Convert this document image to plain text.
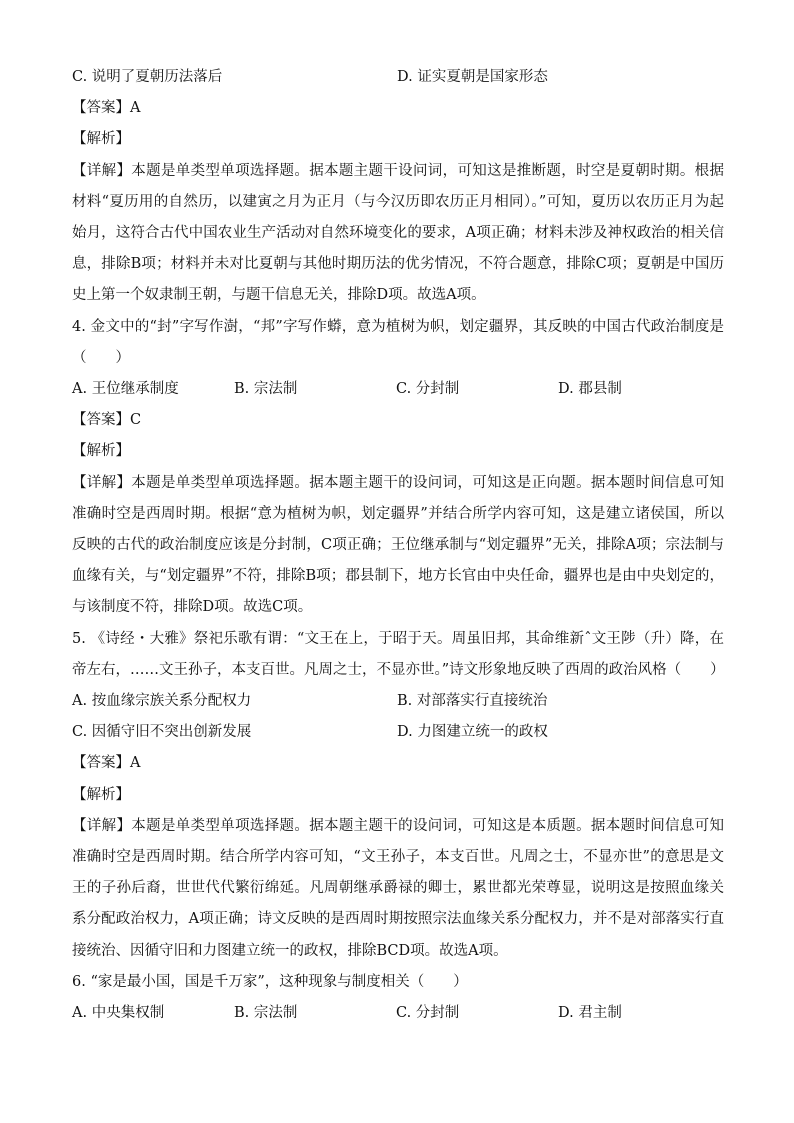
C. 说明了夏朝历法落后	D. 证实夏朝是国家形态
【答案】A
【解析】
【详解】本题是单类型单项选择题。据本题主题干设问词，可知这是推断题，时空是夏朝时期。根据材料“夏历用的自然历，以建寅之月为正月（与今汉历即农历正月相同）。”可知，夏历以农历正月为起始月，这符合古代中国农业生产活动对自然环境变化的要求，A项正确；材料未涉及神权政治的相关信息，排除B项；材料并未对比夏朝与其他时期历法的优劣情况，不符合题意，排除C项；夏朝是中国历史上第一个奴隶制王朝，与题干信息无关，排除D项。故选A项。
4. 金文中的“封”字写作澍，“邦”字写作蟒，意为植树为帜，划定疆界，其反映的中国古代政治制度是（　　）
A. 王位继承制度	B. 宗法制	C. 分封制	D. 郡县制
【答案】C
【解析】
【详解】本题是单类型单项选择题。据本题主题干的设问词，可知这是正向题。据本题时间信息可知准确时空是西周时期。根据“意为植树为帜，划定疆界”并结合所学内容可知，这是建立诸侯国，所以反映的古代的政治制度应该是分封制，C项正确；王位继承制与“划定疆界”无关，排除A项；宗法制与血缘有关，与“划定疆界”不符，排除B项；郡县制下，地方长官由中央任命，疆界也是由中央划定的，与该制度不符，排除D项。故选C项。
5. 《诗经・大雅》祭祀乐歌有谓：“文王在上，于昭于天。周虽旧邦，其命维新ˆ文王陟（升）降，在帝左右，……文王孙子，本支百世。凡周之士，不显亦世。”诗文形象地反映了西周的政治风格（　　）
A. 按血缘宗族关系分配权力	B. 对部落实行直接统治
C. 因循守旧不突出创新发展	D. 力图建立统一的政权
【答案】A
【解析】
【详解】本题是单类型单项选择题。据本题主题干的设问词，可知这是本质题。据本题时间信息可知准确时空是西周时期。结合所学内容可知，“文王孙子，本支百世。凡周之士，不显亦世”的意思是文王的子孙后裔，世世代代繁衍绵延。凡周朝继承爵禄的卿士，累世都光荣尊显，说明这是按照血缘关系分配政治权力，A项正确；诗文反映的是西周时期按照宗法血缘关系分配权力，并不是对部落实行直接统治、因循守旧和力图建立统一的政权，排除BCD项。故选A项。
6. “家是最小国，国是千万家”，这种现象与制度相关（　　）
A. 中央集权制	B. 宗法制	C. 分封制	D. 君主制
